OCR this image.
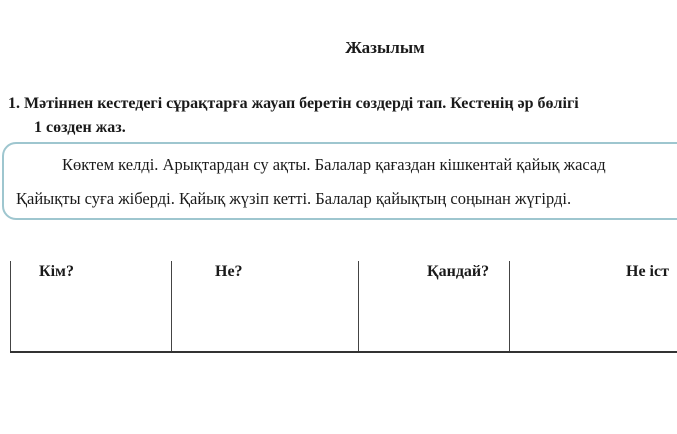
Жазылым
1. Мәтіннен кестедегі сұрақтарға жауап беретін сөздерді тап. Кестенің әр бөлігі
1 сөзден жаз.
Көктем келді. Арықтардан су ақты. Балалар қағаздан кішкентай қайық жасад
Қайықты суға жіберді. Қайық жүзіп кетті. Балалар қайықтың соңынан жүгірді.
Кім?	Не?	Қандай?	Не іст
